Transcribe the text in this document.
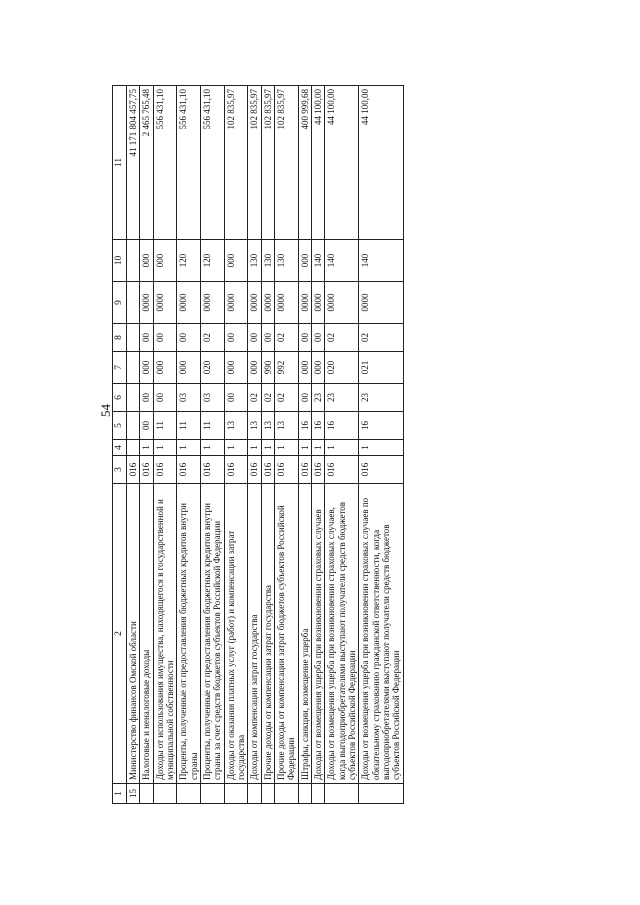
54
1	2	3	4	5	6	7	8	9	10	11
15	Министерство финансов Омской области	016								41 171 804 457,75
	Налоговые и неналоговые доходы	016	1	00	00	000	00	0000	000	2 465 765,48
	Доходы от использования имущества, находящегося в государственной и муниципальной собственности	016	1	11	00	000	00	0000	000	556 431,10
	Проценты, полученные от предоставления бюджетных кредитов внутри страны	016	1	11	03	000	00	0000	120	556 431,10
	Проценты, полученные от предоставления бюджетных кредитов внутри страны за счет средств бюджетов субъектов Российской Федерации	016	1	11	03	020	02	0000	120	556 431,10
	Доходы от оказания платных услуг (работ) и компенсации затрат государства	016	1	13	00	000	00	0000	000	102 835,97
	Доходы от компенсации затрат государства	016	1	13	02	000	00	0000	130	102 835,97
	Прочие доходы от компенсации затрат государства	016	1	13	02	990	00	0000	130	102 835,97
	Прочие доходы от компенсации затрат бюджетов субъектов Российской Федерации	016	1	13	02	992	02	0000	130	102 835,97
	Штрафы, санкции, возмещение ущерба	016	1	16	00	000	00	0000	000	400 999,68
	Доходы от возмещения ущерба при возникновении страховых случаев	016	1	16	23	000	00	0000	140	44 100,00
	Доходы от возмещения ущерба при возникновении страховых случаев, когда выгодоприобретателями выступают получатели средств бюджетов субъектов Российской Федерации	016	1	16	23	020	02	0000	140	44 100,00
	Доходы от возмещения ущерба при возникновении страховых случаев по обязательному страхованию гражданской ответственности, когда выгодоприобретателями выступают получатели средств бюджетов субъектов Российской Федерации	016	1	16	23	021	02	0000	140	44 100,00
